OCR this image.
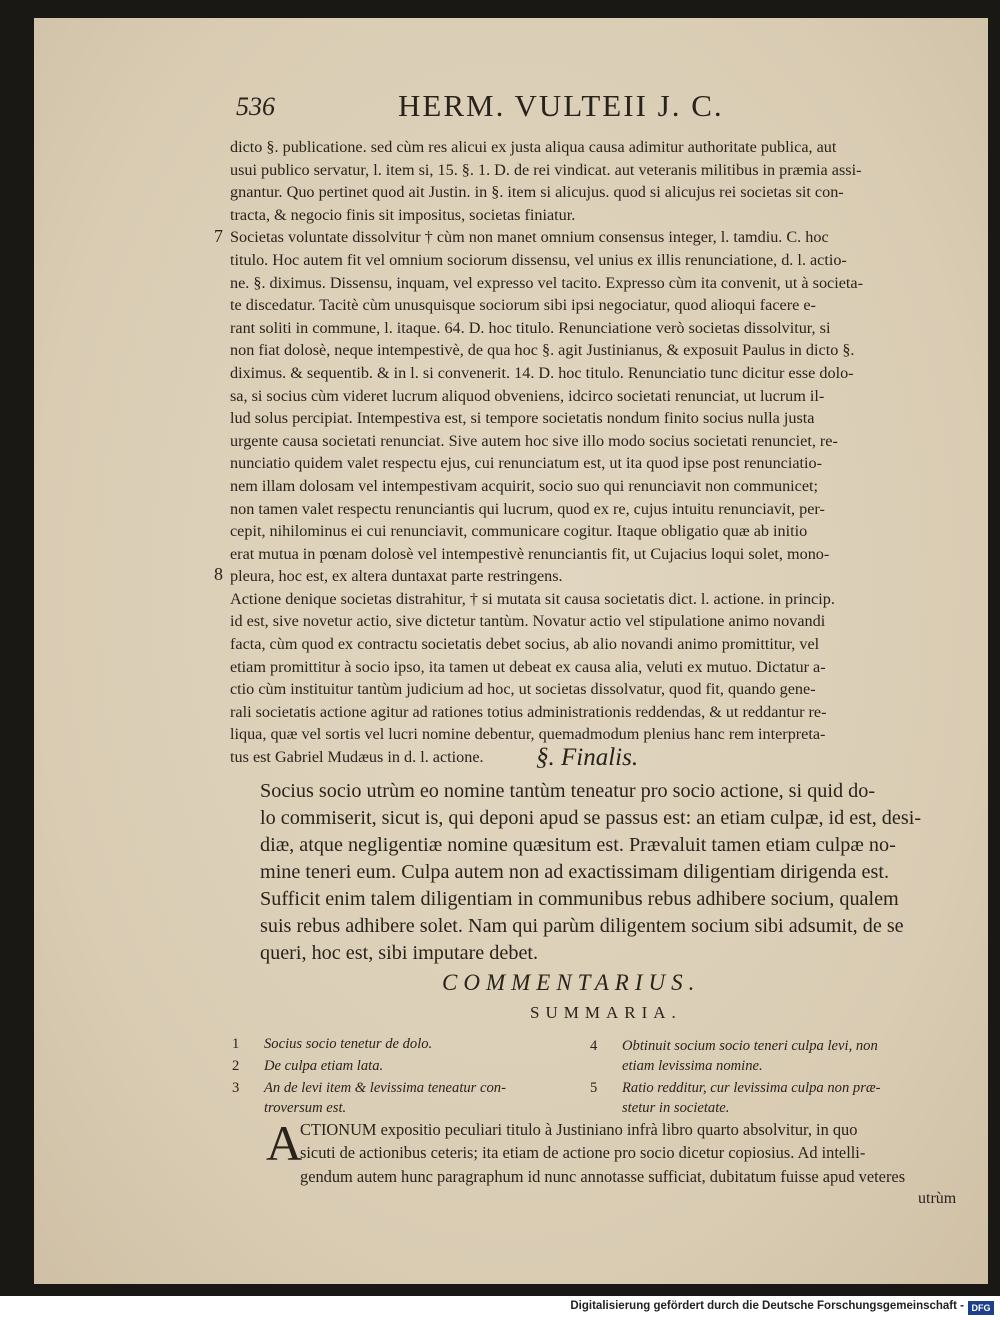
536	HERM. VULTEII J. C.
7
8
dicto §. publicatione. sed cùm res alicui ex justa aliqua causa adimitur authoritate publica, aut
usui publico servatur, l. item si, 15. §. 1. D. de rei vindicat. aut veteranis militibus in præmia assi-
gnantur. Quo pertinet quod ait Justin. in §. item si alicujus. quod si alicujus rei societas sit con-
tracta, & negocio finis sit impositus, societas finiatur.
Societas voluntate dissolvitur † cùm non manet omnium consensus integer, l. tamdiu. C. hoc
titulo. Hoc autem fit vel omnium sociorum dissensu, vel unius ex illis renunciatione, d. l. actio-
ne. §. diximus. Dissensu, inquam, vel expresso vel tacito. Expresso cùm ita convenit, ut à societa-
te discedatur. Tacitè cùm unusquisque sociorum sibi ipsi negociatur, quod alioqui facere e-
rant soliti in commune, l. itaque. 64. D. hoc titulo. Renunciatione verò societas dissolvitur, si
non fiat dolosè, neque intempestivè, de qua hoc §. agit Justinianus, & exposuit Paulus in dicto §.
diximus. & sequentib. & in l. si convenerit. 14. D. hoc titulo. Renunciatio tunc dicitur esse dolo-
sa, si socius cùm videret lucrum aliquod obveniens, idcirco societati renunciat, ut lucrum il-
lud solus percipiat. Intempestiva est, si tempore societatis nondum finito socius nulla justa
urgente causa societati renunciat. Sive autem hoc sive illo modo socius societati renunciet, re-
nunciatio quidem valet respectu ejus, cui renunciatum est, ut ita quod ipse post renunciatio-
nem illam dolosam vel intempestivam acquirit, socio suo qui renunciavit non communicet;
non tamen valet respectu renunciantis qui lucrum, quod ex re, cujus intuitu renunciavit, per-
cepit, nihilominus ei cui renunciavit, communicare cogitur. Itaque obligatio quæ ab initio
erat mutua in pœnam dolosè vel intempestivè renunciantis fit, ut Cujacius loqui solet, mono-
pleura, hoc est, ex altera duntaxat parte restringens.
Actione denique societas distrahitur, † si mutata sit causa societatis dict. l. actione. in princip.
id est, sive novetur actio, sive dictetur tantùm. Novatur actio vel stipulatione animo novandi
facta, cùm quod ex contractu societatis debet socius, ab alio novandi animo promittitur, vel
etiam promittitur à socio ipso, ita tamen ut debeat ex causa alia, veluti ex mutuo. Dictatur a-
ctio cùm instituitur tantùm judicium ad hoc, ut societas dissolvatur, quod fit, quando gene-
rali societatis actione agitur ad rationes totius administrationis reddendas, & ut reddantur re-
liqua, quæ vel sortis vel lucri nomine debentur, quemadmodum plenius hanc rem interpreta-
tus est Gabriel Mudæus in d. l. actione.	§. Finalis.
Socius socio utrùm eo nomine tantùm teneatur pro socio actione, si quid do-
lo commiserit, sicut is, qui deponi apud se passus est: an etiam culpæ, id est, desi-
diæ, atque negligentiæ nomine quæsitum est. Prævaluit tamen etiam culpæ no-
mine teneri eum. Culpa autem non ad exactissimam diligentiam dirigenda est.
Sufficit enim talem diligentiam in communibus rebus adhibere socium, qualem
suis rebus adhibere solet. Nam qui parùm diligentem socium sibi adsumit, de se
queri, hoc est, sibi imputare debet.
COMMENTARIUS.
SUMMARIA.
1 Socius socio tenetur de dolo.
2 De culpa etiam lata.
3 An de levi item & levissima teneatur con-
troversum est.
4 Obtinuit socium socio teneri culpa levi, non
etiam levissima nomine.
5 Ratio redditur, cur levissima culpa non præ-
stetur in societate.
A
CTIONUM expositio peculiari titulo à Justiniano infrà libro quarto absolvitur, in quo
sicuti de actionibus ceteris; ita etiam de actione pro socio dicetur copiosius. Ad intelli-
gendum autem hunc paragraphum id nunc annotasse sufficiat, dubitatum fuisse apud veteres
utrùm
Digitalisierung gefördert durch die Deutsche Forschungsgemeinschaft - DFG
